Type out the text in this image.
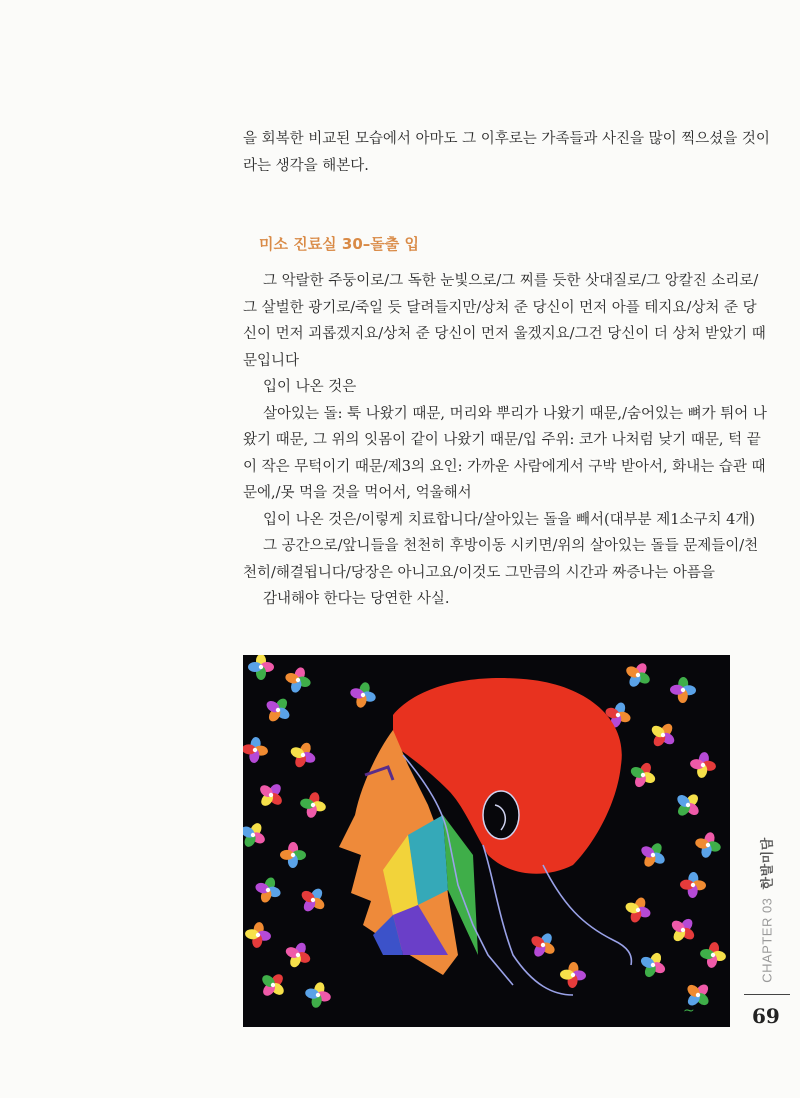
을 회복한 비교된 모습에서 아마도 그 이후로는 가족들과 사진을 많이 찍으셨을 것이
라는 생각을 해본다.

미소 진료실 30–돌출 입

그 악랄한 주둥이로/그 독한 눈빛으로/그 찌를 듯한 삿대질로/그 앙칼진 소리로/
그 살벌한 광기로/죽일 듯 달려들지만/상처 준 당신이 먼저 아플 테지요/상처 준 당
신이 먼저 괴롭겠지요/상처 준 당신이 먼저 울겠지요/그건 당신이 더 상처 받았기 때
문입니다
입이 나온 것은
살아있는 돌: 툭 나왔기 때문, 머리와 뿌리가 나왔기 때문,/숨어있는 뼈가 튀어 나
왔기 때문, 그 위의 잇몸이 같이 나왔기 때문/입 주위: 코가 나처럼 낮기 때문, 턱 끝
이 작은 무턱이기 때문/제3의 요인: 가까운 사람에게서 구박 받아서, 화내는 습관 때
문에,/못 먹을 것을 먹어서, 억울해서
입이 나온 것은/이렇게 치료합니다/살아있는 돌을 빼서(대부분 제1소구치 4개)
그 공간으로/앞니들을 천천히 후방이동 시키면/위의 살아있는 돌들 문제들이/천
천히/해결됩니다/당장은 아니고요/이것도 그만큼의 시간과 짜증나는 아픔을
감내해야 한다는 당연한 사실.

~
CHAPTER 03 한발미담
69
